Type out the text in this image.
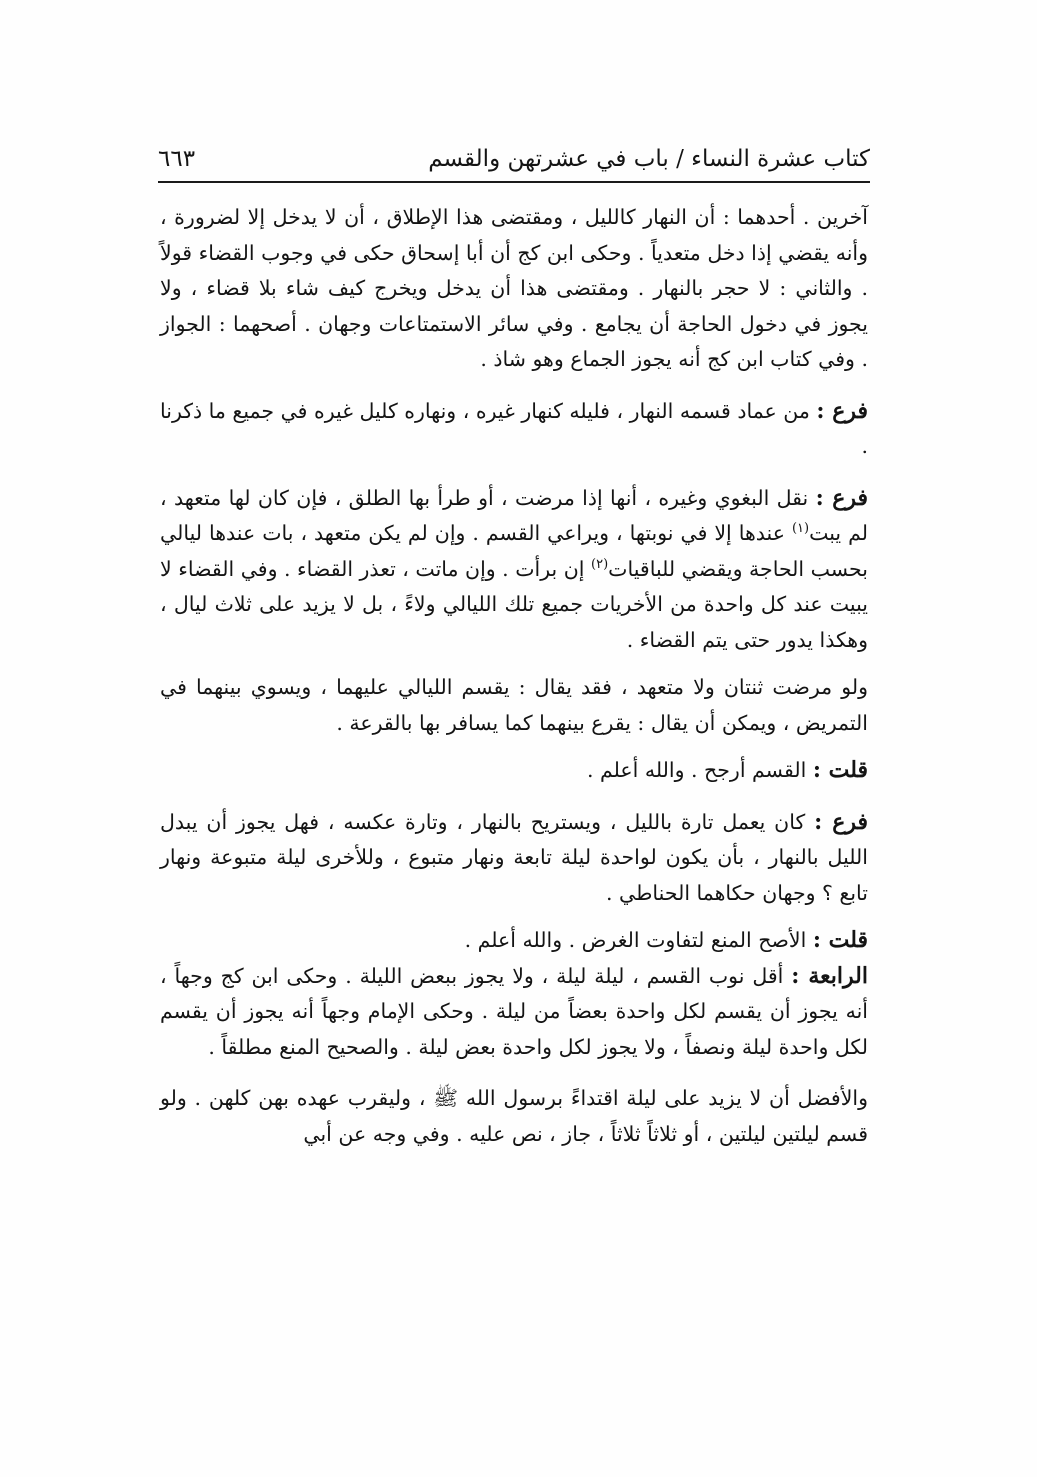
كتاب عشرة النساء / باب في عشرتهن والقسم
٦٦٣

آخرين . أحدهما : أن النهار كالليل ، ومقتضى هذا الإطلاق ، أن لا يدخل إلا لضرورة ، وأنه يقضي إذا دخل متعدياً . وحكى ابن كج أن أبا إسحاق حكى في وجوب القضاء قولاً . والثاني : لا حجر بالنهار . ومقتضى هذا أن يدخل ويخرج كيف شاء بلا قضاء ، ولا يجوز في دخول الحاجة أن يجامع . وفي سائر الاستمتاعات وجهان . أصحهما : الجواز . وفي كتاب ابن كج أنه يجوز الجماع وهو شاذ .

فرع : من عماد قسمه النهار ، فليله كنهار غيره ، ونهاره كليل غيره في جميع ما ذكرنا .

فرع : نقل البغوي وغيره ، أنها إذا مرضت ، أو طرأ بها الطلق ، فإن كان لها متعهد ، لم يبت$^{(١)}$ عندها إلا في نوبتها ، ويراعي القسم . وإن لم يكن متعهد ، بات عندها ليالي بحسب الحاجة ويقضي للباقيات$^{(٢)}$ إن برأت . وإن ماتت ، تعذر القضاء . وفي القضاء لا يبيت عند كل واحدة من الأخريات جميع تلك الليالي ولاءً ، بل لا يزيد على ثلاث ليال ، وهكذا يدور حتى يتم القضاء .

ولو مرضت ثنتان ولا متعهد ، فقد يقال : يقسم الليالي عليهما ، ويسوي بينهما في التمريض ، ويمكن أن يقال : يقرع بينهما كما يسافر بها بالقرعة .

قلت : القسم أرجح . والله أعلم .

فرع : كان يعمل تارة بالليل ، ويستريح بالنهار ، وتارة عكسه ، فهل يجوز أن يبدل الليل بالنهار ، بأن يكون لواحدة ليلة تابعة ونهار متبوع ، وللأخرى ليلة متبوعة ونهار تابع ؟ وجهان حكاهما الحناطي .

قلت : الأصح المنع لتفاوت الغرض . والله أعلم .

الرابعة : أقل نوب القسم ، ليلة ليلة ، ولا يجوز ببعض الليلة . وحكى ابن كج وجهاً ، أنه يجوز أن يقسم لكل واحدة بعضاً من ليلة . وحكى الإمام وجهاً أنه يجوز أن يقسم لكل واحدة ليلة ونصفاً ، ولا يجوز لكل واحدة بعض ليلة . والصحيح المنع مطلقاً .

والأفضل أن لا يزيد على ليلة اقتداءً برسول الله ﷺ ، وليقرب عهده بهن كلهن . ولو قسم ليلتين ليلتين ، أو ثلاثاً ثلاثاً ، جاز ، نص عليه . وفي وجه عن أبي
